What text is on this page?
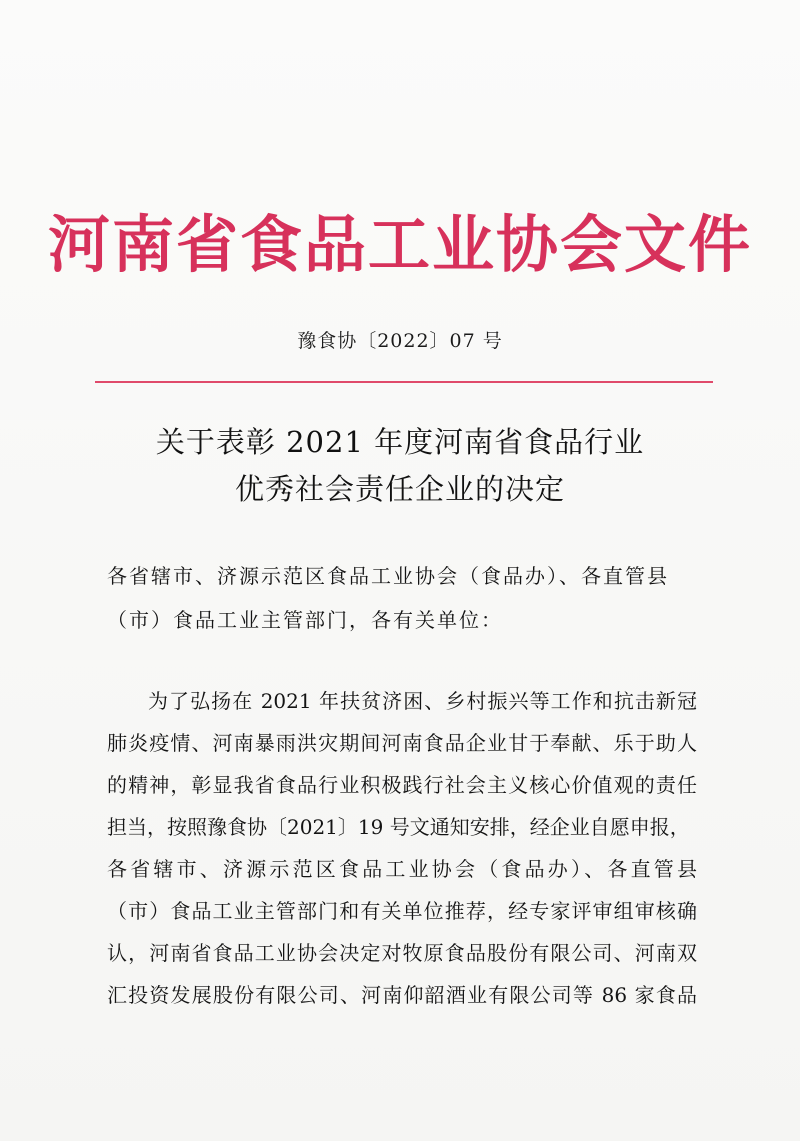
河南省食品工业协会文件
豫食协〔2022〕07 号
关于表彰 2021 年度河南省食品行业
优秀社会责任企业的决定
各省辖市、济源示范区食品工业协会（食品办）、各直管县
（市）食品工业主管部门，各有关单位：
为了弘扬在 2021 年扶贫济困、乡村振兴等工作和抗击新冠
肺炎疫情、河南暴雨洪灾期间河南食品企业甘于奉献、乐于助人
的精神，彰显我省食品行业积极践行社会主义核心价值观的责任
担当，按照豫食协〔2021〕19 号文通知安排，经企业自愿申报，
各省辖市、济源示范区食品工业协会（食品办）、各直管县
（市）食品工业主管部门和有关单位推荐，经专家评审组审核确
认，河南省食品工业协会决定对牧原食品股份有限公司、河南双
汇投资发展股份有限公司、河南仰韶酒业有限公司等 86 家食品
